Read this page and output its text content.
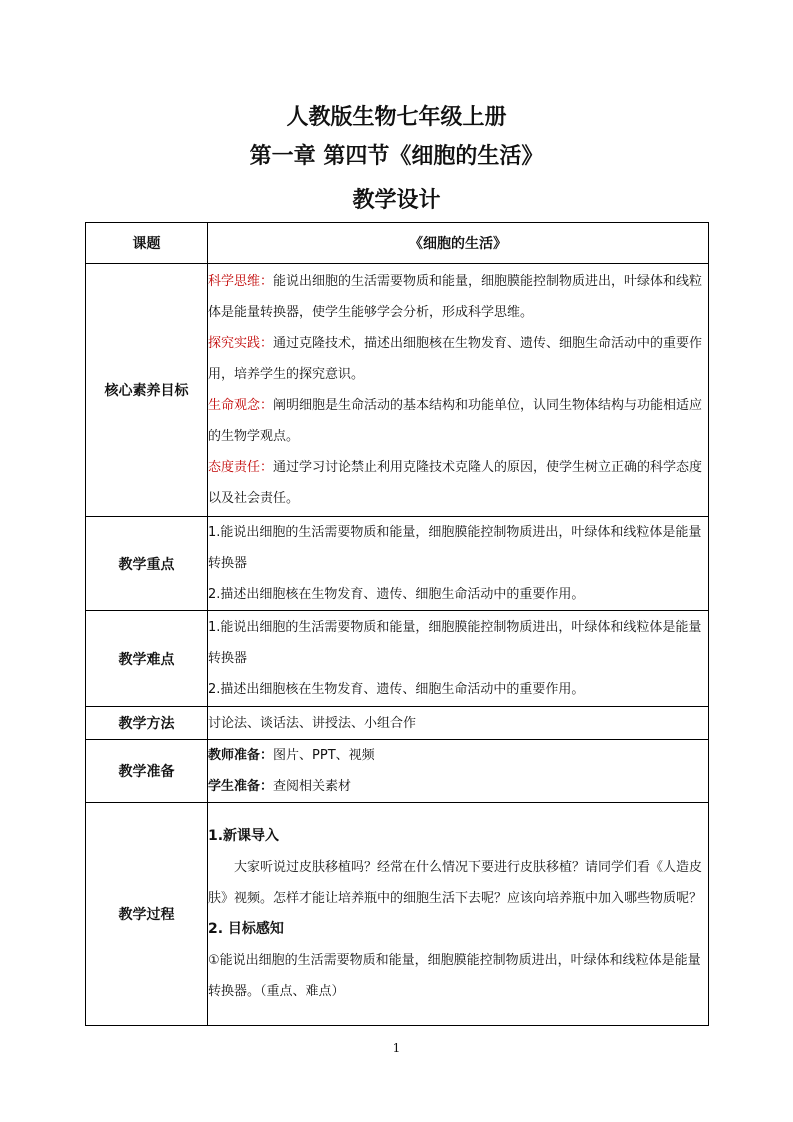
人教版生物七年级上册
第一章 第四节《细胞的生活》
教学设计
课题	《细胞的生活》
核心素养目标	科学思维：能说出细胞的生活需要物质和能量，细胞膜能控制物质进出，叶绿体和线粒体是能量转换器，使学生能够学会分析，形成科学思维。

探究实践：通过克隆技术，描述出细胞核在生物发育、遗传、细胞生命活动中的重要作用，培养学生的探究意识。

生命观念：阐明细胞是生命活动的基本结构和功能单位，认同生物体结构与功能相适应的生物学观点。

态度责任：通过学习讨论禁止利用克隆技术克隆人的原因，使学生树立正确的科学态度以及社会责任。

教学重点	1.能说出细胞的生活需要物质和能量，细胞膜能控制物质进出，叶绿体和线粒体是能量转换器

2.描述出细胞核在生物发育、遗传、细胞生命活动中的重要作用。

教学难点	1.能说出细胞的生活需要物质和能量，细胞膜能控制物质进出，叶绿体和线粒体是能量转换器

2.描述出细胞核在生物发育、遗传、细胞生命活动中的重要作用。

教学方法	讨论法、谈话法、讲授法、小组合作
教学准备	教师准备：图片、PPT、视频

学生准备：查阅相关素材

教学过程	1.新课导入

大家听说过皮肤移植吗？经常在什么情况下要进行皮肤移植？请同学们看《人造皮肤》视频。怎样才能让培养瓶中的细胞生活下去呢？应该向培养瓶中加入哪些物质呢？

2. 目标感知

①能说出细胞的生活需要物质和能量，细胞膜能控制物质进出，叶绿体和线粒体是能量转换器。（重点、难点）

1
